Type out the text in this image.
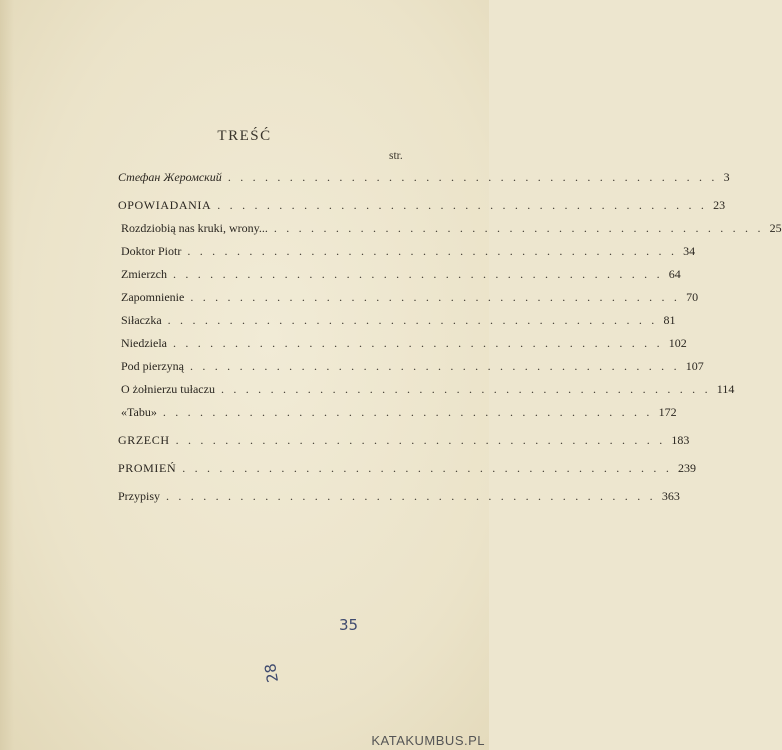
TREŚĆ
str.
Стефан Жеромский . . . . . . . . . . . . . . . . . . . . . . . . . . . . . . . . . . . . . . . . 3
OPOWIADANIA . . . . . . . . . . . . . . . . . . . . . . . . . . . . . . . . . . . . . . . . 23
Rozdziobią nas kruki, wrony... . . . . . . . . . . . . . . . . . . . . . . . . . . . . . . . . . . . . . . . . 25
Doktor Piotr . . . . . . . . . . . . . . . . . . . . . . . . . . . . . . . . . . . . . . . . 34
Zmierzch . . . . . . . . . . . . . . . . . . . . . . . . . . . . . . . . . . . . . . . . 64
Zapomnienie . . . . . . . . . . . . . . . . . . . . . . . . . . . . . . . . . . . . . . . . 70
Siłaczka . . . . . . . . . . . . . . . . . . . . . . . . . . . . . . . . . . . . . . . . 81
Niedziela . . . . . . . . . . . . . . . . . . . . . . . . . . . . . . . . . . . . . . . . 102
Pod pierzyną . . . . . . . . . . . . . . . . . . . . . . . . . . . . . . . . . . . . . . . . 107
O żołnierzu tułaczu . . . . . . . . . . . . . . . . . . . . . . . . . . . . . . . . . . . . . . . . 114
«Tabu» . . . . . . . . . . . . . . . . . . . . . . . . . . . . . . . . . . . . . . . . 172
GRZECH . . . . . . . . . . . . . . . . . . . . . . . . . . . . . . . . . . . . . . . . 183
PROMIEŃ . . . . . . . . . . . . . . . . . . . . . . . . . . . . . . . . . . . . . . . . 239
Przypisy . . . . . . . . . . . . . . . . . . . . . . . . . . . . . . . . . . . . . . . . 363
35
28
KATAKUMBUS.PL
